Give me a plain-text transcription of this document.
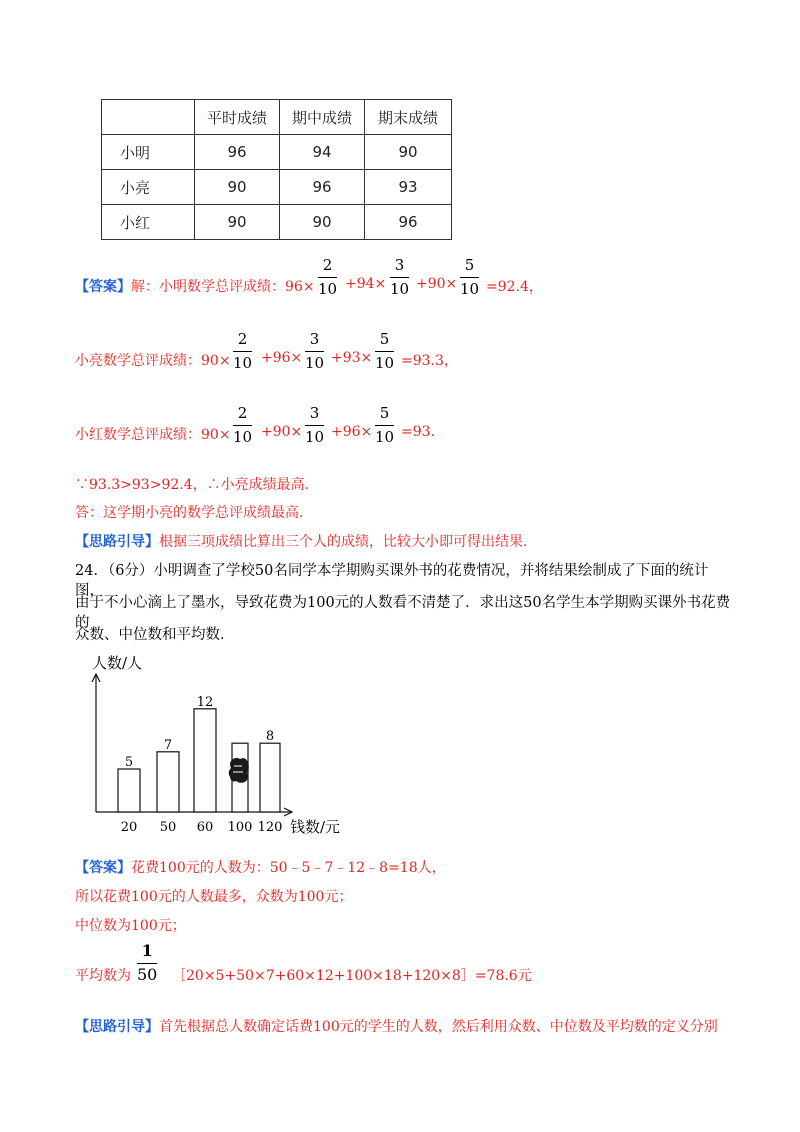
	平时成绩	期中成绩	期末成绩
小明	96	94	90
小亮	90	96	93
小红	90	90	96
【答案】解：小明数学总评成绩：96×
2
10 +94×
3
10 +90×
5
10 =92.4，
小亮数学总评成绩：90×
2
10 +96×
3
10 +93×
5
10 =93.3，
小红数学总评成绩：90×
2
10 +90×
3
10 +96×
5
10 =93.
∵93.3>93>92.4，∴小亮成绩最高.
答：这学期小亮的数学总评成绩最高.
【思路引导】根据三项成绩比算出三个人的成绩，比较大小即可得出结果.
24．（6分）小明调查了学校50名同学本学期购买课外书的花费情况，并将结果绘制成了下面的统计图，
由于不小心滴上了墨水，导致花费为100元的人数看不清楚了．求出这50名学生本学期购买课外书花费的
众数、中位数和平均数．
人数/人
钱数/元
5
20
7
50
12
60 100
8
120
【答案】花费100元的人数为：50﹣5﹣7﹣12﹣8=18人，
所以花费100元的人数最多，众数为100元；
中位数为100元；
平均数为
1
50 ［20×5+50×7+60×12+100×18+120×8］=78.6元
【思路引导】首先根据总人数确定话费100元的学生的人数，然后利用众数、中位数及平均数的定义分别
